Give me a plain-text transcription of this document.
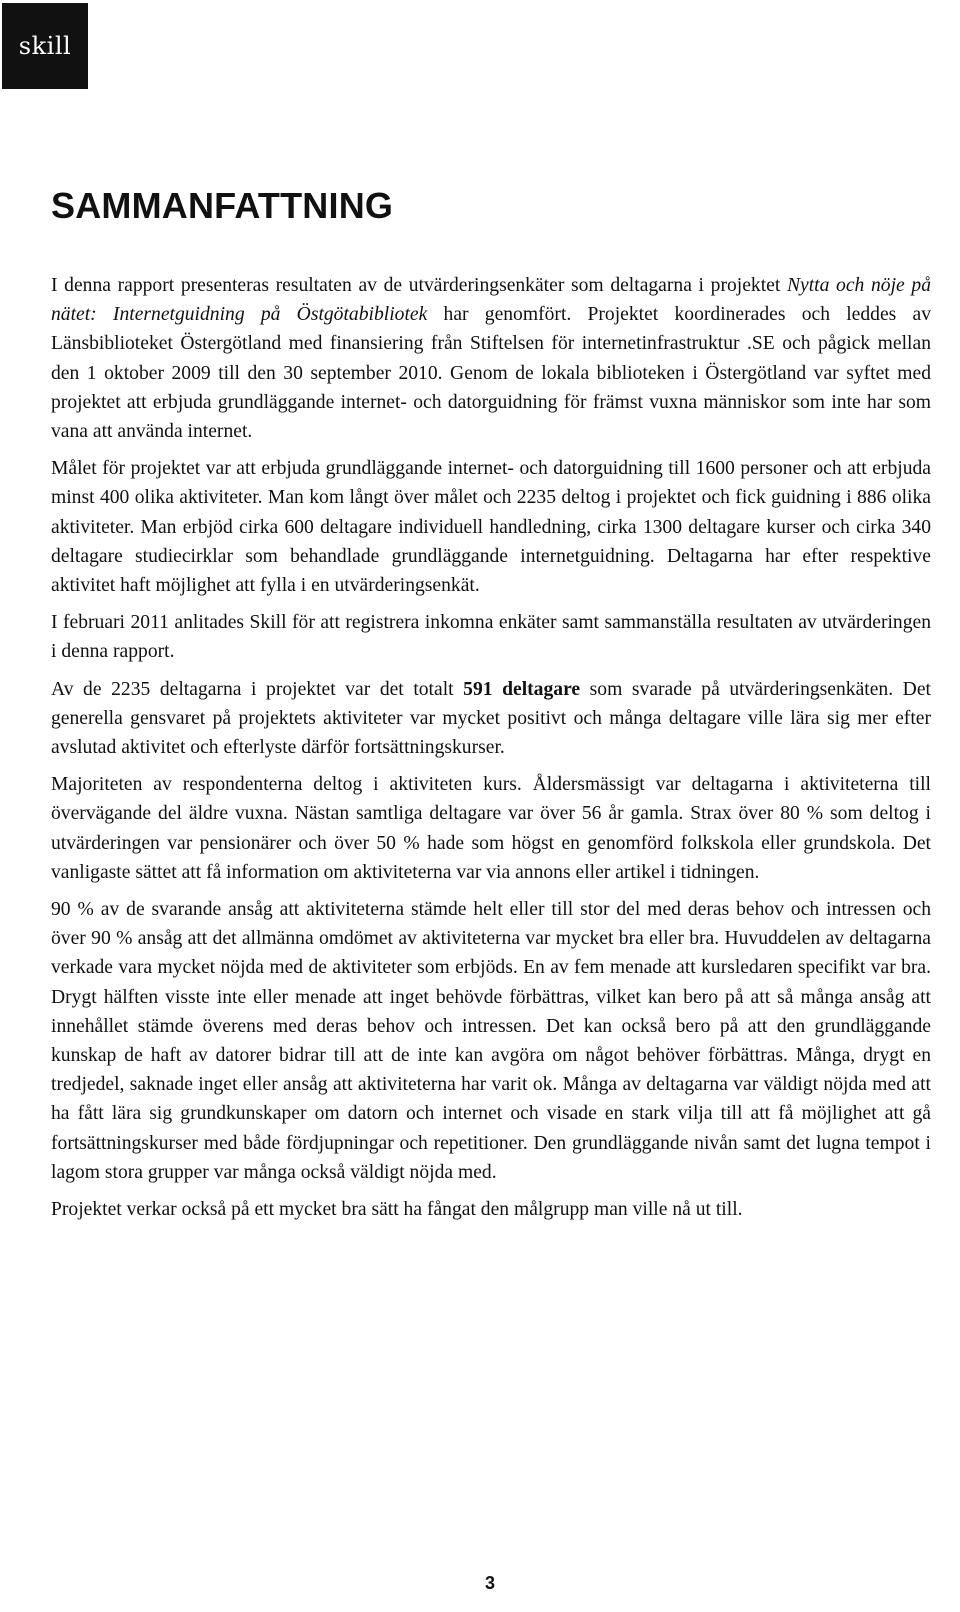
skill
SAMMANFATTNING

I denna rapport presenteras resultaten av de utvärderingsenkäter som deltagarna i projektet Nytta och nöje på nätet: Internetguidning på Östgötabibliotek har genomfört. Projektet koordinerades och leddes av Länsbiblioteket Östergötland med finansiering från Stiftelsen för internetinfrastruktur .SE och pågick mellan den 1 oktober 2009 till den 30 september 2010. Genom de lokala biblioteken i Östergötland var syftet med projektet att erbjuda grundläggande internet- och datorguidning för främst vuxna människor som inte har som vana att använda internet.

Målet för projektet var att erbjuda grundläggande internet- och datorguidning till 1600 personer och att erbjuda minst 400 olika aktiviteter. Man kom långt över målet och 2235 deltog i projektet och fick guidning i 886 olika aktiviteter. Man erbjöd cirka 600 deltagare individuell handledning, cirka 1300 deltagare kurser och cirka 340 deltagare studiecirklar som behandlade grundläggande internetguidning. Deltagarna har efter respektive aktivitet haft möjlighet att fylla i en utvärderingsenkät.

I februari 2011 anlitades Skill för att registrera inkomna enkäter samt sammanställa resultaten av utvärderingen i denna rapport.

Av de 2235 deltagarna i projektet var det totalt 591 deltagare som svarade på utvärderingsenkäten. Det generella gensvaret på projektets aktiviteter var mycket positivt och många deltagare ville lära sig mer efter avslutad aktivitet och efterlyste därför fortsättningskurser.

Majoriteten av respondenterna deltog i aktiviteten kurs. Åldersmässigt var deltagarna i aktiviteterna till övervägande del äldre vuxna. Nästan samtliga deltagare var över 56 år gamla. Strax över 80 % som deltog i utvärderingen var pensionärer och över 50 % hade som högst en genomförd folkskola eller grundskola. Det vanligaste sättet att få information om aktiviteterna var via annons eller artikel i tidningen.

90 % av de svarande ansåg att aktiviteterna stämde helt eller till stor del med deras behov och intressen och över 90 % ansåg att det allmänna omdömet av aktiviteterna var mycket bra eller bra. Huvuddelen av deltagarna verkade vara mycket nöjda med de aktiviteter som erbjöds. En av fem menade att kursledaren specifikt var bra. Drygt hälften visste inte eller menade att inget behövde förbättras, vilket kan bero på att så många ansåg att innehållet stämde överens med deras behov och intressen. Det kan också bero på att den grundläggande kunskap de haft av datorer bidrar till att de inte kan avgöra om något behöver förbättras. Många, drygt en tredjedel, saknade inget eller ansåg att aktiviteterna har varit ok. Många av deltagarna var väldigt nöjda med att ha fått lära sig grundkunskaper om datorn och internet och visade en stark vilja till att få möjlighet att gå fortsättningskurser med både fördjupningar och repetitioner. Den grundläggande nivån samt det lugna tempot i lagom stora grupper var många också väldigt nöjda med.

Projektet verkar också på ett mycket bra sätt ha fångat den målgrupp man ville nå ut till.

3
